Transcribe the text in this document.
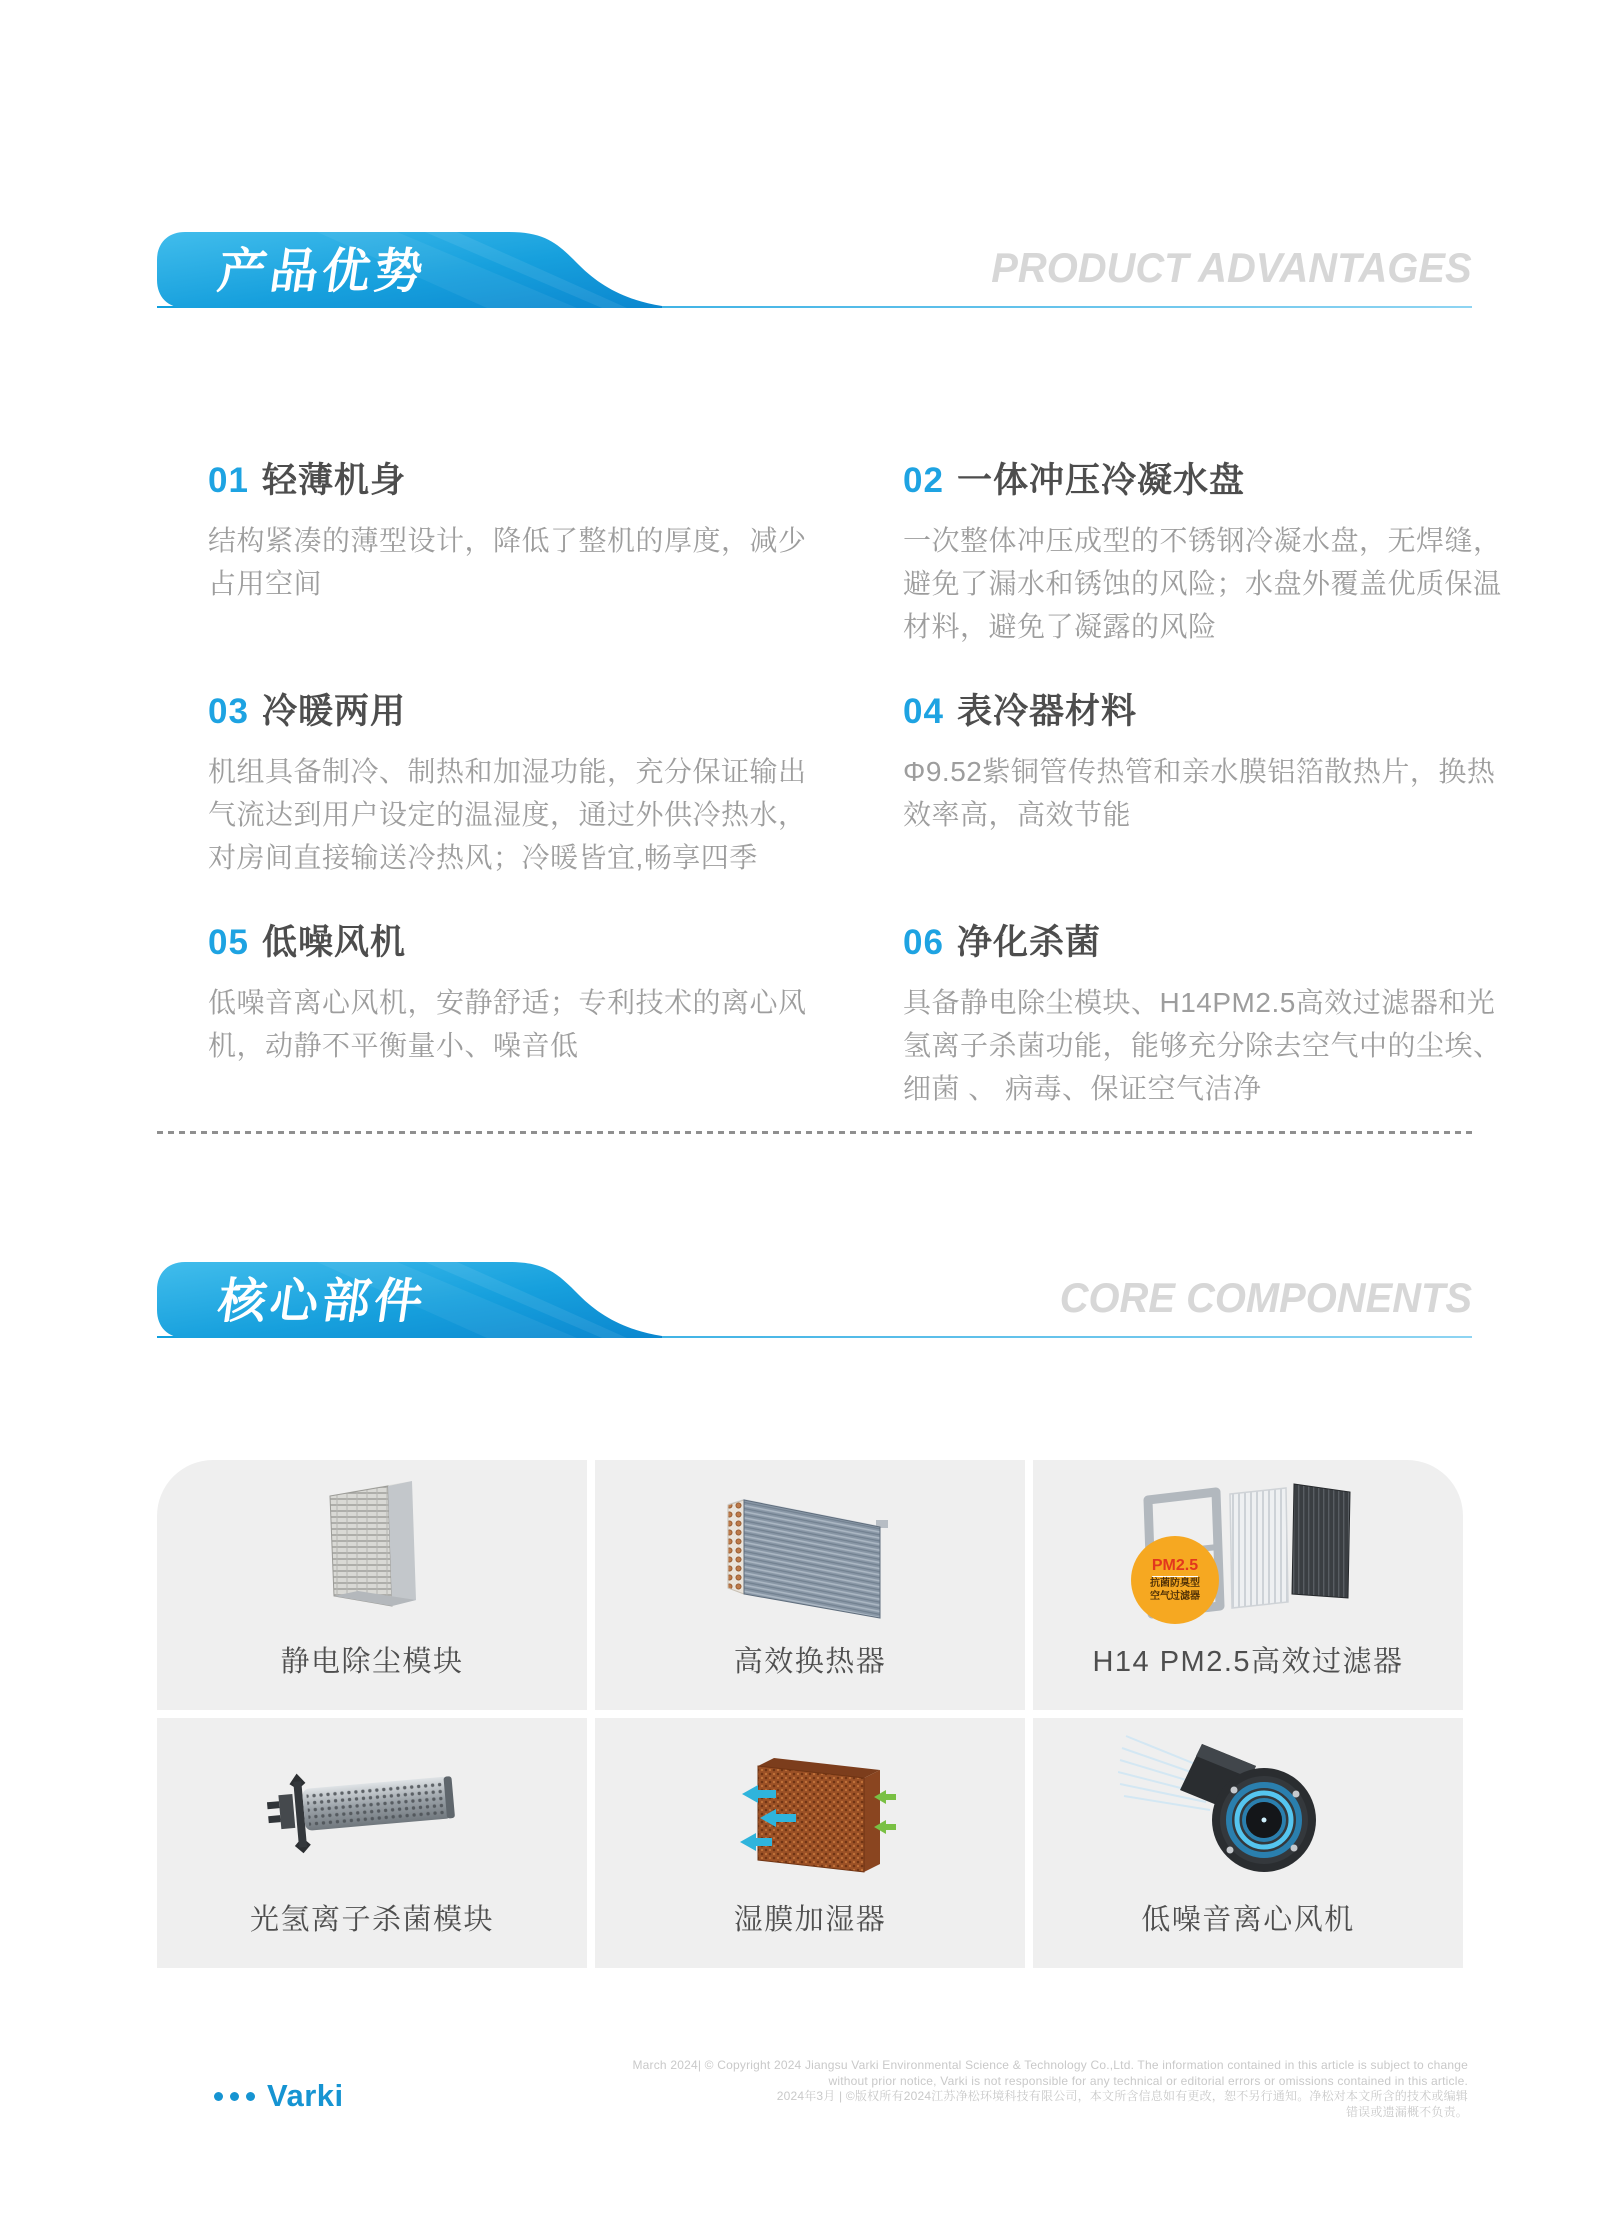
产品优势	PRODUCT ADVANTAGES
01 轻薄机身

结构紧凑的薄型设计，降低了整机的厚度，减少占用空间

02 一体冲压冷凝水盘

一次整体冲压成型的不锈钢冷凝水盘，无焊缝，避免了漏水和锈蚀的风险；水盘外覆盖优质保温材料，避免了凝露的风险

03 冷暖两用

机组具备制冷、制热和加湿功能，充分保证输出气流达到用户设定的温湿度，通过外供冷热水，对房间直接输送冷热风；冷暖皆宜,畅享四季

04 表冷器材料

Φ9.52紫铜管传热管和亲水膜铝箔散热片，换热效率高，高效节能

05 低噪风机

低噪音离心风机，安静舒适；专利技术的离心风机，动静不平衡量小、噪音低

06 净化杀菌

具备静电除尘模块、H14PM2.5高效过滤器和光氢离子杀菌功能，能够充分除去空气中的尘埃、细菌 、 病毒、保证空气洁净

核心部件	CORE COMPONENTS
静电除尘模块	高效换热器
PM2.5
抗菌防臭型
空气过滤器
H14 PM2.5高效过滤器
光氢离子杀菌模块	湿膜加湿器	低噪音离心风机
Varki
March 2024| © Copyright 2024 Jiangsu Varki Environmental Science & Technology Co.,Ltd. The information contained in this article is subject to change
without prior notice, Varki is not responsible for any technical or editorial errors or omissions contained in this article.
2024年3月 | ©版权所有2024江苏净松环境科技有限公司，本文所含信息如有更改，恕不另行通知。净松对本文所含的技术或编辑
错误或遗漏概不负责。
